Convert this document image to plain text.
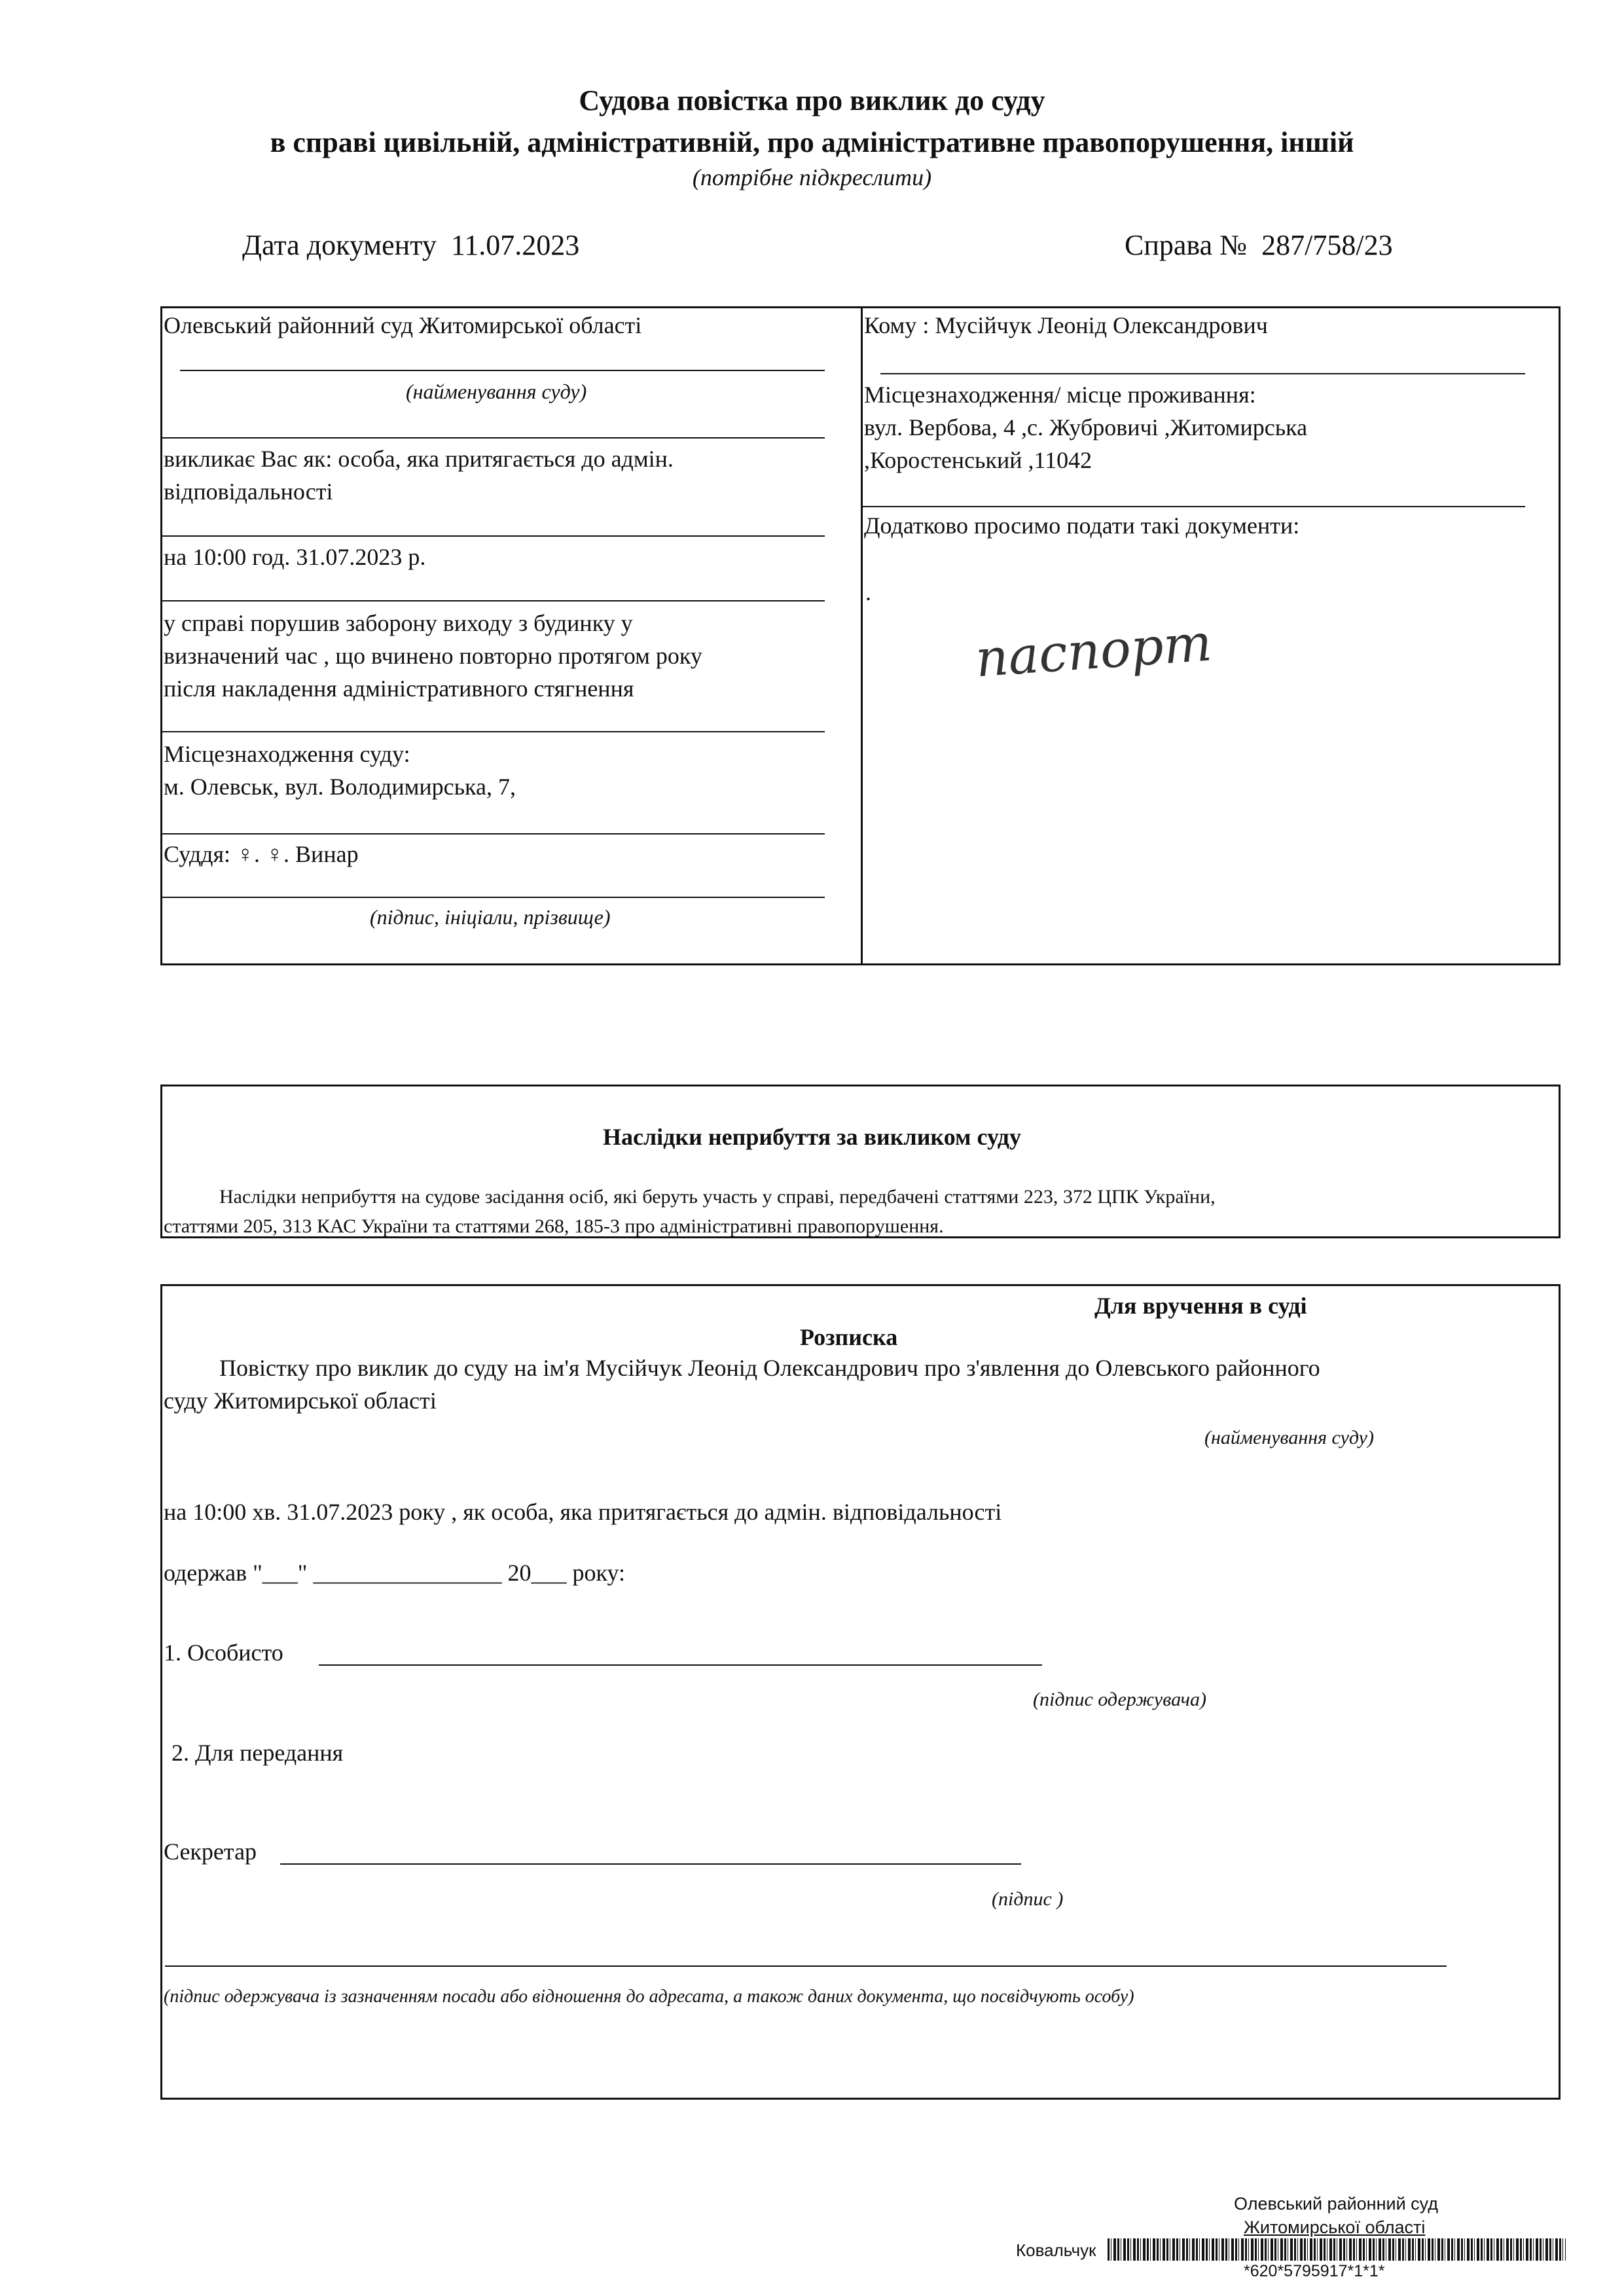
Судова повістка про виклик до суду
в справі цивільній, адміністративній, про адміністративне правопорушення, іншій
(потрібне підкреслити)
Дата документу 11.07.2023	Справа № 287/758/23
Олевський районний суд Житомирської області
(найменування суду)
викликає Вас як: особа, яка притягається до адмін.
відповідальності
на 10:00 год. 31.07.2023 р.
у справі порушив заборону виходу з будинку у
визначений час , що вчинено повторно протягом року
після накладення адміністративного стягнення
Місцезнаходження суду:
м. Олевськ, вул. Володимирська, 7,
Суддя: ♀. ♀. Винар
(підпис, ініціали, прізвище)
Кому : Мусійчук Леонід Олександрович
Місцезнаходження/ місце проживання:
вул. Вербова, 4 ,с. Жубровичі ,Житомирська
,Коростенський ,11042
Додатково просимо подати такі документи:
.
паспорт
Наслідки неприбуття за викликом суду
Наслідки неприбуття на судове засідання осіб, які беруть участь у справі, передбачені статтями 223, 372 ЦПК України,
статтями 205, 313 КАС України та статтями 268, 185-3 про адміністративні правопорушення.
Для вручення в суді
Розписка
Повістку про виклик до суду на ім'я Мусійчук Леонід Олександрович про з'явлення до Олевського районного
суду Житомирської області
(найменування суду)
на 10:00 хв. 31.07.2023 року , як особа, яка притягається до адмін. відповідальності
одержав "___" ________________ 20___ року:
1. Особисто
(підпис одержувача)
2. Для передання
Секретар
(підпис )
(підпис одержувача із зазначенням посади або відношення до адресата, а також даних документа, що посвідчують особу)
Олевський районний суд
Житомирської області
Ковальчук
*620*5795917*1*1*
